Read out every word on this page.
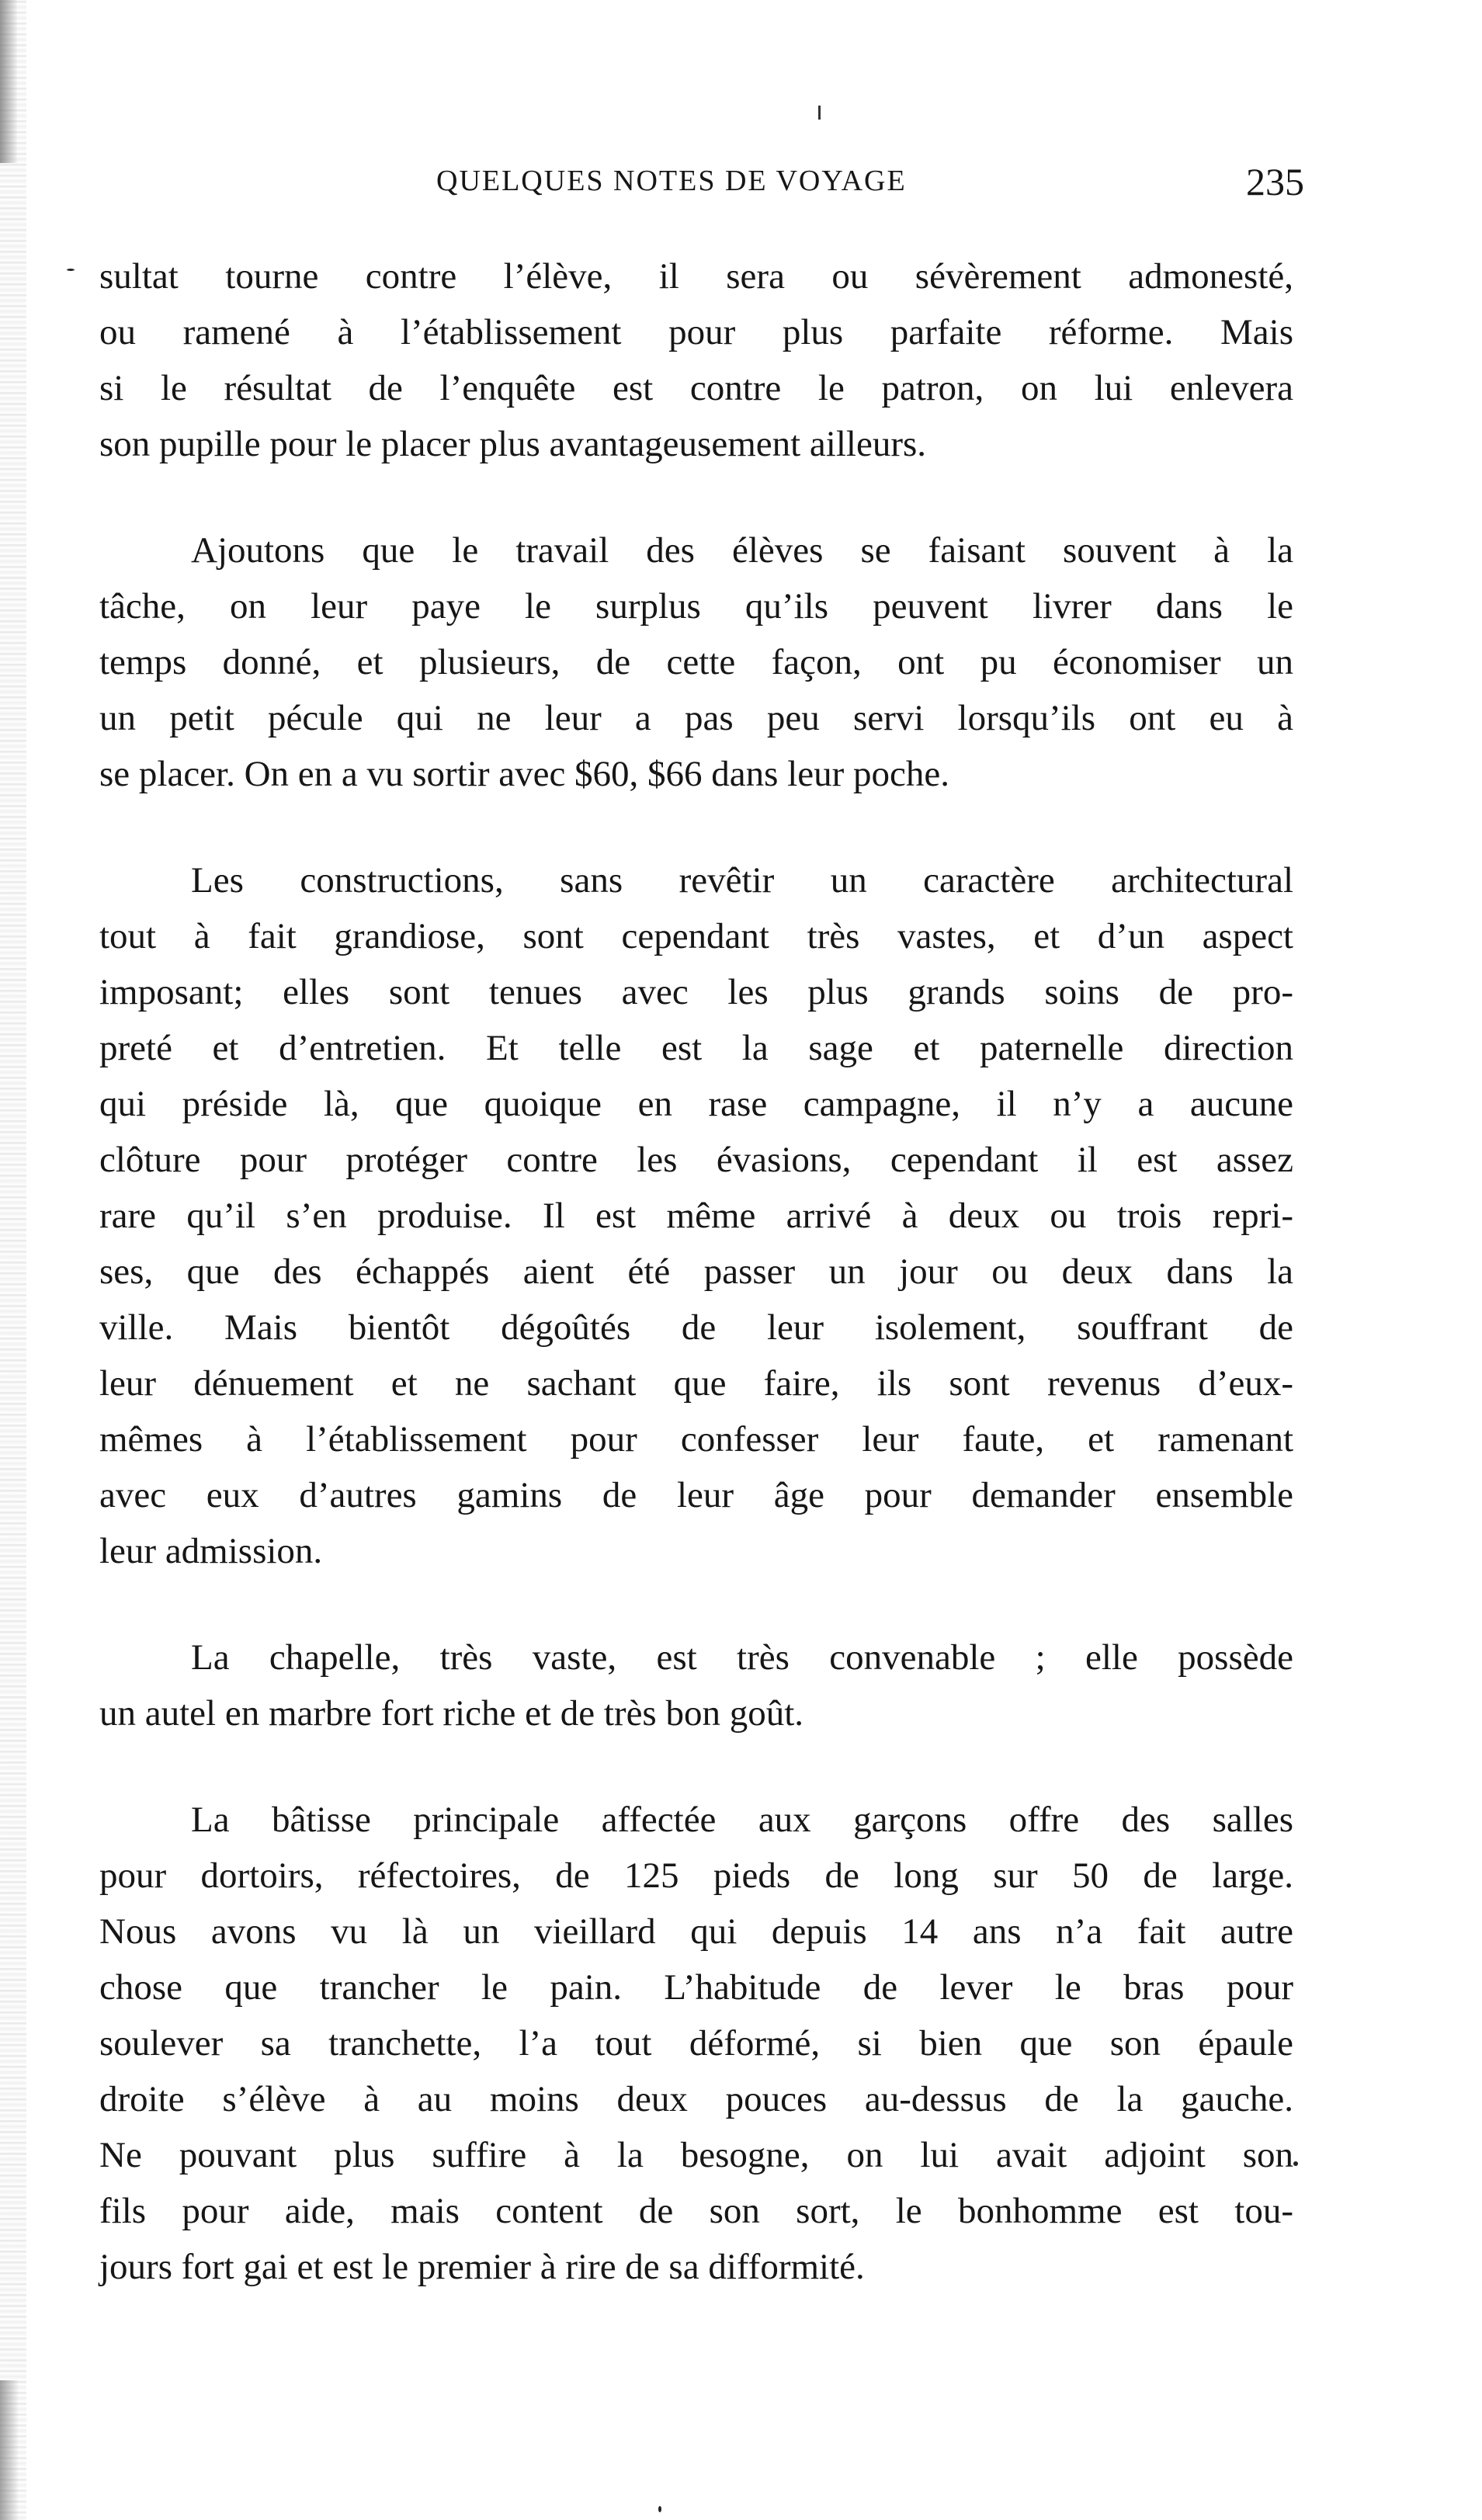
QUELQUES NOTES DE VOYAGE	235
sultat tourne contre l’élève, il sera ou sévèrement admonesté,
ou ramené à l’établissement pour plus parfaite réforme. Mais
si le résultat de l’enquête est contre le patron, on lui enlevera
son pupille pour le placer plus avantageusement ailleurs.
Ajoutons que le travail des élèves se faisant souvent à la
tâche, on leur paye le surplus qu’ils peuvent livrer dans le
temps donné, et plusieurs, de cette façon, ont pu économiser un
un petit pécule qui ne leur a pas peu servi lorsqu’ils ont eu à
se placer. On en a vu sortir avec $60, $66 dans leur poche.
Les constructions, sans revêtir un caractère architectural
tout à fait grandiose, sont cependant très vastes, et d’un aspect
imposant; elles sont tenues avec les plus grands soins de pro-
preté et d’entretien. Et telle est la sage et paternelle direction
qui préside là, que quoique en rase campagne, il n’y a aucune
clôture pour protéger contre les évasions, cependant il est assez
rare qu’il s’en produise. Il est même arrivé à deux ou trois repri-
ses, que des échappés aient été passer un jour ou deux dans la
ville. Mais bientôt dégoûtés de leur isolement, souffrant de
leur dénuement et ne sachant que faire, ils sont revenus d’eux-
mêmes à l’établissement pour confesser leur faute, et ramenant
avec eux d’autres gamins de leur âge pour demander ensemble
leur admission.
La chapelle, très vaste, est très convenable ; elle possède
un autel en marbre fort riche et de très bon goût.
La bâtisse principale affectée aux garçons offre des salles
pour dortoirs, réfectoires, de 125 pieds de long sur 50 de large.
Nous avons vu là un vieillard qui depuis 14 ans n’a fait autre
chose que trancher le pain. L’habitude de lever le bras pour
soulever sa tranchette, l’a tout déformé, si bien que son épaule
droite s’élève à au moins deux pouces au-dessus de la gauche.
Ne pouvant plus suffire à la besogne, on lui avait adjoint son
fils pour aide, mais content de son sort, le bonhomme est tou-
jours fort gai et est le premier à rire de sa difformité.
